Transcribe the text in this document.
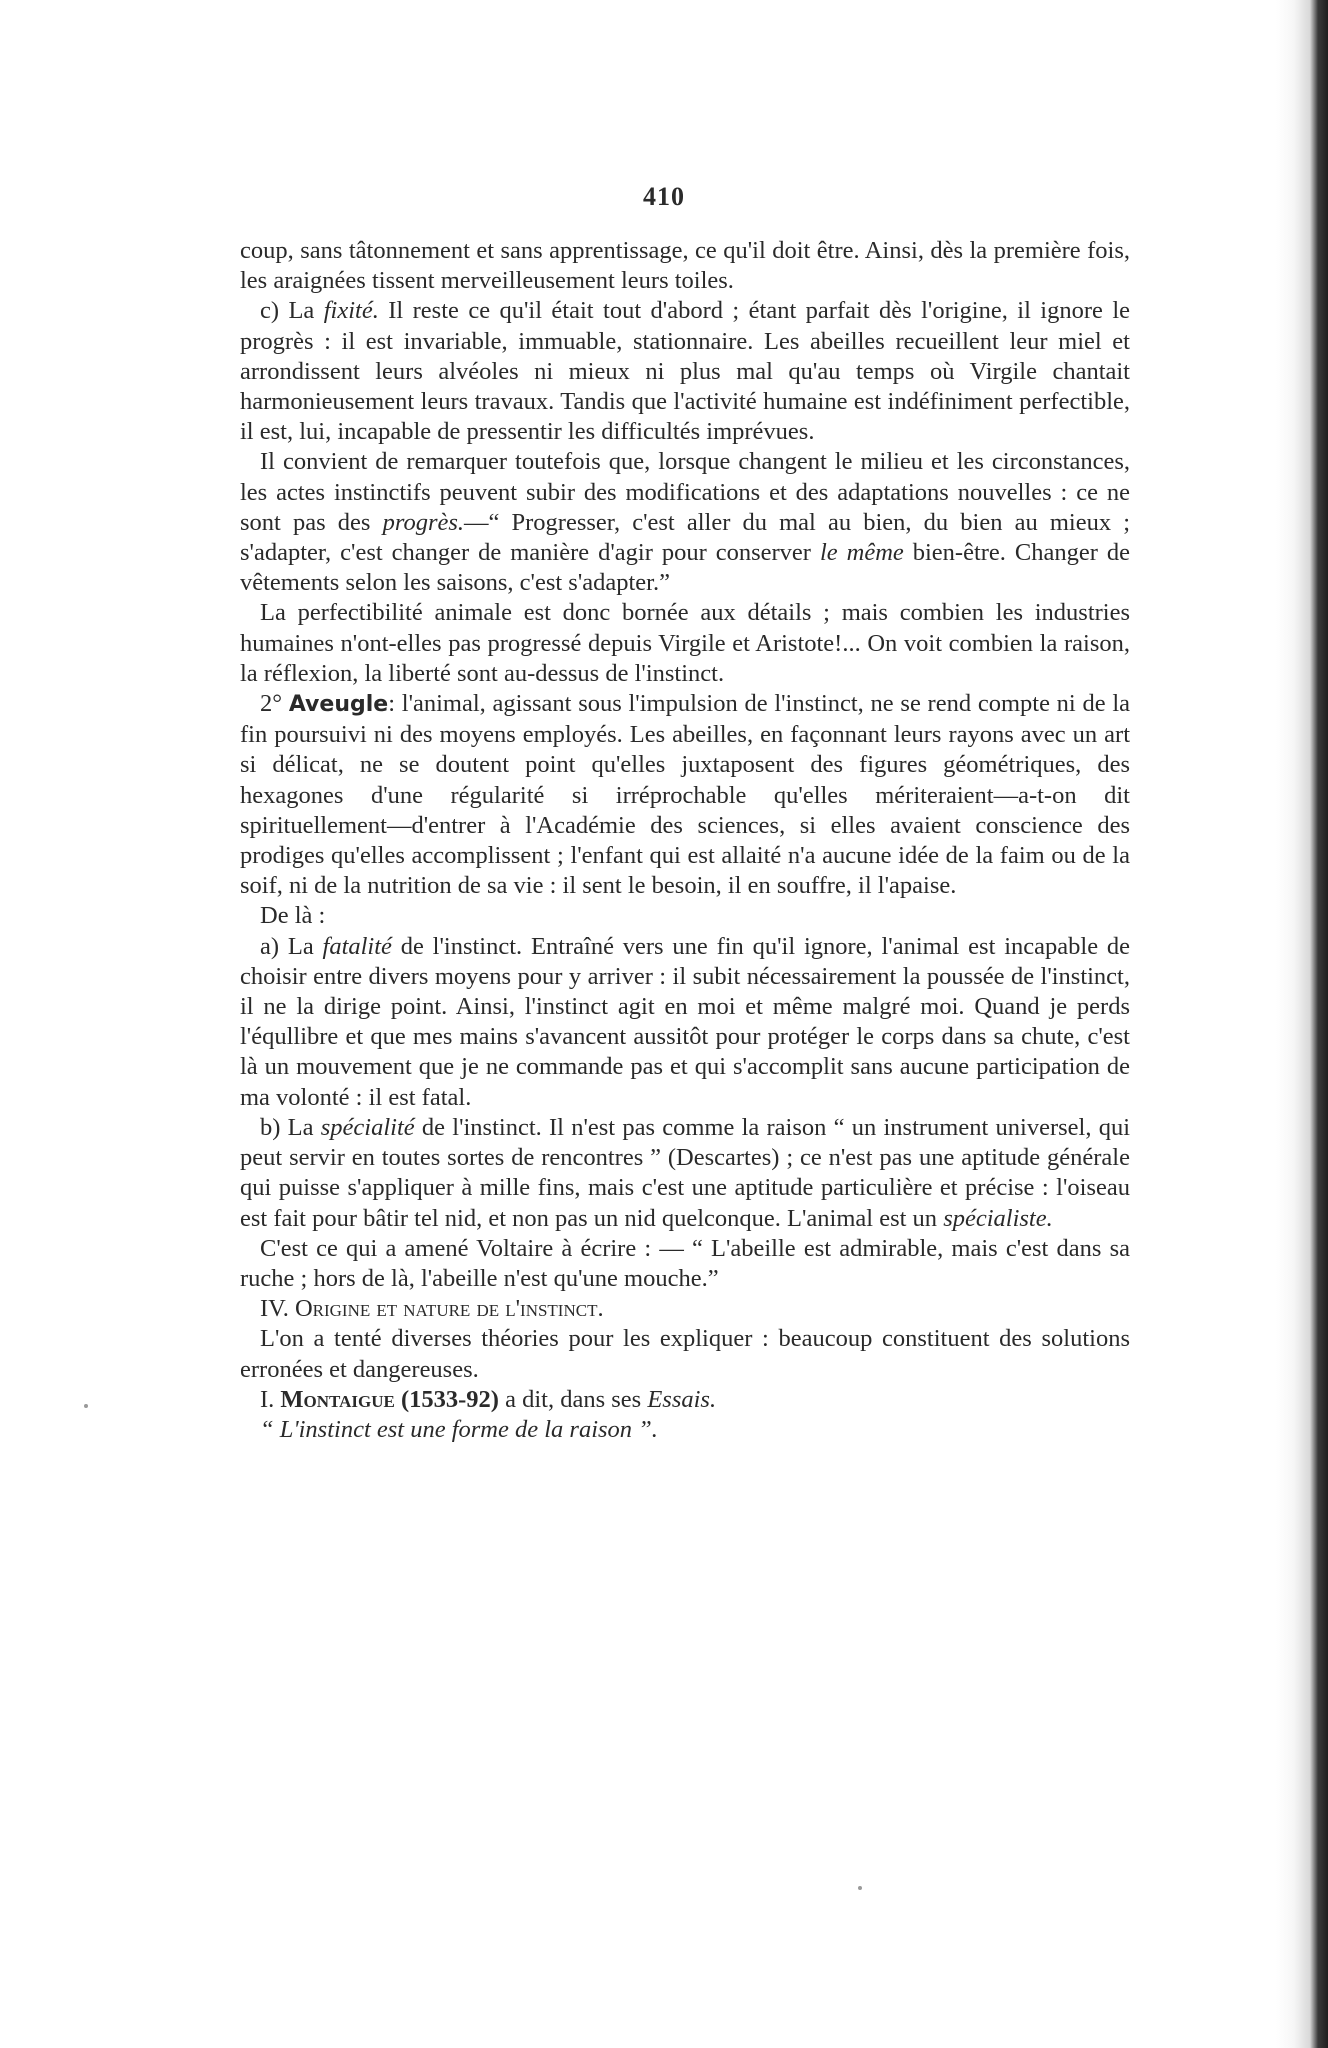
410

coup, sans tâtonnement et sans apprentissage, ce qu'il doit être. Ainsi, dès la première fois, les araignées tissent merveilleusement leurs toiles.

c) La fixité. Il reste ce qu'il était tout d'abord ; étant parfait dès l'origine, il ignore le progrès : il est invariable, immuable, stationnaire. Les abeilles recueillent leur miel et arrondissent leurs alvéoles ni mieux ni plus mal qu'au temps où Virgile chantait harmonieusement leurs travaux. Tandis que l'activité humaine est indéfiniment perfectible, il est, lui, incapable de pressentir les difficultés imprévues.

Il convient de remarquer toutefois que, lorsque changent le milieu et les circonstances, les actes instinctifs peuvent subir des modifications et des adaptations nouvelles : ce ne sont pas des progrès.—“ Progresser, c'est aller du mal au bien, du bien au mieux ; s'adapter, c'est changer de manière d'agir pour conserver le même bien-être. Changer de vêtements selon les saisons, c'est s'adapter.”

La perfectibilité animale est donc bornée aux détails ; mais combien les industries humaines n'ont-elles pas progressé depuis Virgile et Aristote!... On voit combien la raison, la réflexion, la liberté sont au-dessus de l'instinct.

2° Aveugle: l'animal, agissant sous l'impulsion de l'instinct, ne se rend compte ni de la fin poursuivi ni des moyens employés. Les abeilles, en façonnant leurs rayons avec un art si délicat, ne se doutent point qu'elles juxtaposent des figures géométriques, des hexagones d'une régularité si irréprochable qu'elles mériteraient—a-t-on dit spirituellement—d'entrer à l'Académie des sciences, si elles avaient conscience des prodiges qu'elles accomplissent ; l'enfant qui est allaité n'a aucune idée de la faim ou de la soif, ni de la nutrition de sa vie : il sent le besoin, il en souffre, il l'apaise.

De là :

a) La fatalité de l'instinct. Entraîné vers une fin qu'il ignore, l'animal est incapable de choisir entre divers moyens pour y arriver : il subit nécessairement la poussée de l'instinct, il ne la dirige point. Ainsi, l'instinct agit en moi et même malgré moi. Quand je perds l'équllibre et que mes mains s'avancent aussitôt pour protéger le corps dans sa chute, c'est là un mouvement que je ne commande pas et qui s'accomplit sans aucune participation de ma volonté : il est fatal.

b) La spécialité de l'instinct. Il n'est pas comme la raison “ un instrument universel, qui peut servir en toutes sortes de rencontres ” (Descartes) ; ce n'est pas une aptitude générale qui puisse s'appliquer à mille fins, mais c'est une aptitude particulière et précise : l'oiseau est fait pour bâtir tel nid, et non pas un nid quelconque. L'animal est un spécialiste.

C'est ce qui a amené Voltaire à écrire : — “ L'abeille est admirable, mais c'est dans sa ruche ; hors de là, l'abeille n'est qu'une mouche.”

IV. Origine et nature de l'instinct.

L'on a tenté diverses théories pour les expliquer : beaucoup constituent des solutions erronées et dangereuses.

I. Montaigue (1533-92) a dit, dans ses Essais.

“ L'instinct est une forme de la raison ”.
